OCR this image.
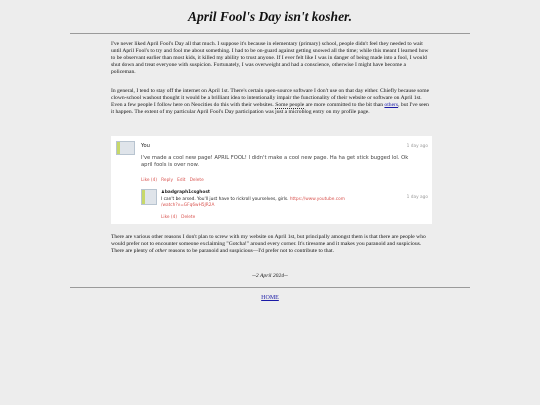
April Fool's Day isn't kosher.

I've never liked April Fool's Day all that much. I suppose it's because in elementary (primary) school, people didn't feel they needed to wait until April Fool's to try and fool me about something. I had to be on-guard against getting snowed all the time; while this meant I learned how to be observant earlier than most kids, it killed my ability to trust anyone. If I ever felt like I was in danger of being made into a fool, I would shut down and treat everyone with suspicion. Fortunately, I was overweight and had a conscience, otherwise I might have become a policeman.

In general, I tend to stay off the internet on April 1st. There's certain open-source software I don't use on that day either. Chiefly because some clown-school washout thought it would be a brilliant idea to intentionally impair the functionality of their website or software on April 1st. Even a few people I follow here on Neocities do this with their websites. Some people are more committed to the bit than others, but I've seen it happen. The extent of my particular April Fool's Day participation was just a microblog entry on my profile page.

You	1 day ago
I've made a cool new page! APRIL FOOL! I didn't make a cool new page. Ha ha get stick bugged lol. Ok april fools is over now.
Like (4) Reply Edit Delete
♟badgraph1csghost
1 day ago
I can't be arsed. You'll just have to rickroll yourselves, girls. https://www.youtube.com
/watch?v=GFq6wH5JR2A
Like (4) Delete

There are various other reasons I don't plan to screw with my website on April 1st, but principally amongst them is that there are people who would prefer not to encounter someone exclaiming "Gotcha!" around every corner. It's tiresome and it makes you paranoid and suspicious. There are plenty of other reasons to be paranoid and suspicious—I'd prefer not to contribute to that.

--2 April 2024--
HOME
